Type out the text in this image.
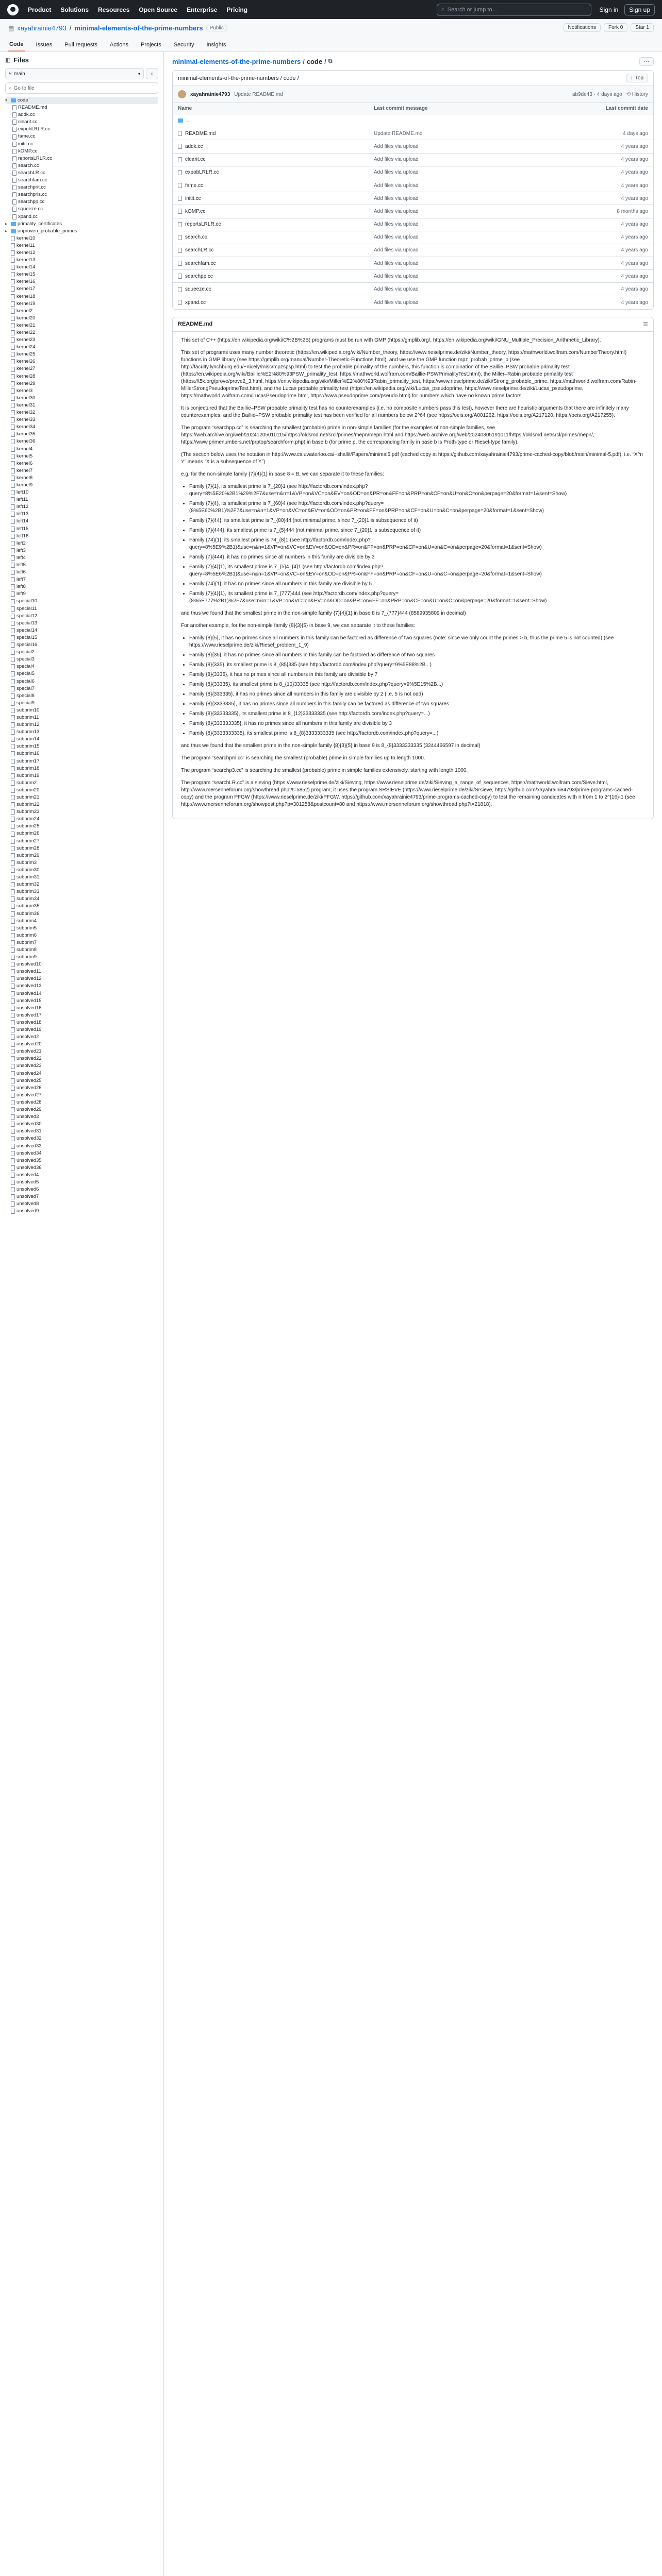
Product Solutions Resources Open Source Enterprise Pricing	⌕ Search or jump to...	Sign in	Sign up
▤ xayahrainie4793 / minimal-elements-of-the-prime-numbers	Public	Notifications	Fork 0	Star 1
Code Issues Pull requests Actions Projects Security Insights
◧ Files
⑂ main	▾	⌕
⌕ Go to file
▾	code
README.md
addk.cc
clearit.cc
expobLRLR.cc
fame.cc
initit.cc
kOMP.cc
reportsLRLR.cc
search.cc
searchLR.cc
searchfam.cc
searchprit.cc
searchpris.cc
searchpp.cc
squeeze.cc
xpand.cc
▸	primality_certificates
▸	unproven_probable_primes
kernel10
kernel11
kernel12
kernel13
kernel14
kernel15
kernel16
kernel17
kernel18
kernel19
kernel2
kernel20
kernel21
kernel22
kernel23
kernel24
kernel25
kernel26
kernel27
kernel28
kernel29
kernel3
kernel30
kernel31
kernel32
kernel33
kernel34
kernel35
kernel36
kernel4
kernel5
kernel6
kernel7
kernel8
kernel9
left10
left11
left12
left13
left14
left15
left16
left2
left3
left4
left5
left6
left7
left8
left9
special10
special11
special12
special13
special14
special15
special16
special2
special3
special4
special5
special6
special7
special8
special9
subprim10
subprim11
subprim12
subprim13
subprim14
subprim15
subprim16
subprim17
subprim18
subprim19
subprim2
subprim20
subprim21
subprim22
subprim23
subprim24
subprim25
subprim26
subprim27
subprim28
subprim29
subprim3
subprim30
subprim31
subprim32
subprim33
subprim34
subprim35
subprim36
subprim4
subprim5
subprim6
subprim7
subprim8
subprim9
unsolved10
unsolved11
unsolved12
unsolved13
unsolved14
unsolved15
unsolved16
unsolved17
unsolved18
unsolved19
unsolved2
unsolved20
unsolved21
unsolved22
unsolved23
unsolved24
unsolved25
unsolved26
unsolved27
unsolved28
unsolved29
unsolved3
unsolved30
unsolved31
unsolved32
unsolved33
unsolved34
unsolved35
unsolved36
unsolved4
unsolved5
unsolved6
unsolved7
unsolved8
unsolved9
minimal-elements-of-the-prime-numbers / code / ⧉	···
minimal-elements-of-the-prime-numbers / code /	↑ Top
xayahrainie4793 Update README.md	ab9de43 · 4 days ago ⟲ History
Name	Last commit message	Last commit date
..
README.md	Update README.md	4 days ago
addk.cc	Add files via upload	4 years ago
clearit.cc	Add files via upload	4 years ago
expobLRLR.cc	Add files via upload	4 years ago
fame.cc	Add files via upload	4 years ago
initit.cc	Add files via upload	4 years ago
kOMP.cc	Add files via upload	8 months ago
reportsLRLR.cc	Add files via upload	4 years ago
search.cc	Add files via upload	4 years ago
searchLR.cc	Add files via upload	4 years ago
searchfam.cc	Add files via upload	4 years ago
searchpp.cc	Add files via upload	4 years ago
squeeze.cc	Add files via upload	4 years ago
xpand.cc	Add files via upload	4 years ago
README.md	☰

This set of C++ (https://en.wikipedia.org/wiki/C%2B%2B) programs must be run with GMP (https://gmplib.org/, https://en.wikipedia.org/wiki/GNU_Multiple_Precision_Arithmetic_Library).

This set of programs uses many number theoretic (https://en.wikipedia.org/wiki/Number_theory, https://www.rieselprime.de/ziki/Number_theory, https://mathworld.wolfram.com/NumberTheory.html) functions in GMP library (see https://gmplib.org/manual/Number-Theoretic-Functions.html), and we use the GMP function mpz_probab_prime_p (see http://faculty.lynchburg.edu/~nicely/misc/mpzspsp.html) to test the probable primality of the numbers, this function is combination of the Baillie–PSW probable primality test (https://en.wikipedia.org/wiki/Baillie%E2%80%93PSW_primality_test, https://mathworld.wolfram.com/Baillie-PSWPrimalityTest.html), the Miller–Rabin probable primality test (https://t5k.org/prove/prove2_3.html, https://en.wikipedia.org/wiki/Miller%E2%80%93Rabin_primality_test, https://www.rieselprime.de/ziki/Strong_probable_prime, https://mathworld.wolfram.com/Rabin-MillerStrongPseudoprimeTest.html), and the Lucas probable primality test (https://en.wikipedia.org/wiki/Lucas_pseudoprime, https://www.rieselprime.de/ziki/Lucas_pseudoprime, https://mathworld.wolfram.com/LucasPseudoprime.html, https://www.pseudoprime.com/pseudo.html) for numbers which have no known prime factors.

It is conjectured that the Baillie–PSW probable primality test has no counterexamples (i.e. no composite numbers pass this test), however there are heuristic arguments that there are infinitely many counterexamples, and the Baillie–PSW probable primality test has been verified for all numbers below 2^64 (see https://oeis.org/A001262, https://oeis.org/A217120, https://oeis.org/A217255).

The program “searchpp.cc” is searching the smallest (probable) prime in non-simple families (for the examples of non-simple families, see https://web.archive.org/web/20241205010115/https://oldsmd.net/srcl/primes/mepn/mepn.html and https://web.archive.org/web/20240305191011/https://oldsmd.net/srcl/primes/mepn/, https://www.primenumbers.net/prptop/searchform.php) in base b (for prime p, the corresponding family in base b is Proth-type or Riesel-type family).

(The section below uses the notation in http://www.cs.uwaterloo.ca/~shallit/Papers/minimal5.pdf (cached copy at https://github.com/xayahrainie4793/prime-cached-copy/blob/main/minimal-5.pdf), i.e. “X^n Y” means “X is a subsequence of Y”)

e.g. for the non-simple family {7}{4}{1} in base 8 = B, we can separate it to these families:

• Family {7}{1}, its smallest prime is 7_{20}1 (see http://factordb.com/index.php?query=8%5E20%2B1%29%2F7&use=n&n=1&VP=on&VC=on&EV=on&OD=on&PR=on&FF=on&PRP=on&CF=on&U=on&C=on&perpage=20&format=1&sent=Show)
• Family {7}{4}, its smallest prime is 7_{60}4 (see http://factordb.com/index.php?query=(8%5E60%2B1)%2F7&use=n&n=1&VP=on&VC=on&EV=on&OD=on&PR=on&FF=on&PRP=on&CF=on&U=on&C=on&perpage=20&format=1&sent=Show)
• Family {7}{44}, its smallest prime is 7_{80}44 (not minimal prime, since 7_{20}1 is subsequence of it)
• Family {7}{444}, its smallest prime is 7_{5}444 (not minimal prime, since 7_{20}1 is subsequence of it)
• Family {74}{1}, its smallest prime is 74_{8}1 (see http://factordb.com/index.php?query=8%5E9%2B1)&use=n&n=1&VP=on&VC=on&EV=on&OD=on&PR=on&FF=on&PRP=on&CF=on&U=on&C=on&perpage=20&format=1&sent=Show)
• Family {7}{444}, it has no primes since all numbers in this family are divisible by 3
• Family {7}{4}{1}, its smallest prime is 7_{5}4_{4}1 (see http://factordb.com/index.php?query=8%5E6%2B1)&use=n&n=1&VP=on&VC=on&EV=on&OD=on&PR=on&FF=on&PRP=on&CF=on&U=on&C=on&perpage=20&format=1&sent=Show)
• Family {74}{1}, it has no primes since all numbers in this family are divisible by 5
• Family {7}{4}{1}, its smallest prime is 7_{777}444 (see http://factordb.com/index.php?query=(8%5E777%2B1)%2F7&use=n&n=1&VP=on&VC=on&EV=on&OD=on&PR=on&FF=on&PRP=on&CF=on&U=on&C=on&perpage=20&format=1&sent=Show)

and thus we found that the smallest prime in the non-simple family {7}{4}{1} in base 8 is 7_{777}444 (8589935809 in decimal)

For another example, for the non-simple family {8}{3}{5} in base 9, we can separate it to these families:

• Family {8}{5}, it has no primes since all numbers in this family can be factored as difference of two squares (note: since we only count the primes > b, thus the prime 5 is not counted) (see https://www.rieselprime.de/ziki/Riesel_problem_1_9)
• Family {8}{35}, it has no primes since all numbers in this family can be factored as difference of two squares
• Family {8}{335}, its smallest prime is 8_{85}335 (see http://factordb.com/index.php?query=9%5E88%2B...)
• Family {8}{3335}, it has no primes since all numbers in this family are divisible by 7
• Family {8}{33335}, its smallest prime is 8_{10}33335 (see http://factordb.com/index.php?query=9%5E15%2B...)
• Family {8}{333335}, it has no primes since all numbers in this family are divisible by 2 (i.e. 5 is not odd)
• Family {8}{3333335}, it has no primes since all numbers in this family can be factored as difference of two squares
• Family {8}{33333335}, its smallest prime is 8_{12}33333335 (see http://factordb.com/index.php?query=...)
• Family {8}{333333335}, it has no primes since all numbers in this family are divisible by 3
• Family {8}{3333333335}, its smallest prime is 8_{8}3333333335 (see http://factordb.com/index.php?query=...)

and thus we found that the smallest prime in the non-simple family {8}{3}{5} in base 9 is 8_{8}3333333335 (3244466597 in decimal)

The program “searchpm.cc” is searching the smallest (probable) prime in simple families up to length 1000.

The program “searchp3.cc” is searching the smallest (probable) prime in simple families extensively, starting with length 1000.

The program “searchLR.cc” is a sieving (https://www.rieselprime.de/ziki/Sieving, https://www.rieselprime.de/ziki/Sieving_a_range_of_sequences, https://mathworld.wolfram.com/Sieve.html, http://www.mersenneforum.org/showthread.php?t=5852) program; it uses the program SRSIEVE (https://www.rieselprime.de/ziki/Srsieve, https://github.com/xayahrainie4793/prime-programs-cached-copy) and the program PFGW (https://www.rieselprime.de/ziki/PFGW, https://github.com/xayahrainie4793/prime-programs-cached-copy) to test the remaining candidates with n from 1 to 2^{16}-1 (see http://www.mersenneforum.org/showpost.php?p=301258&postcount=80 and https://www.mersenneforum.org/showthread.php?t=21818).
